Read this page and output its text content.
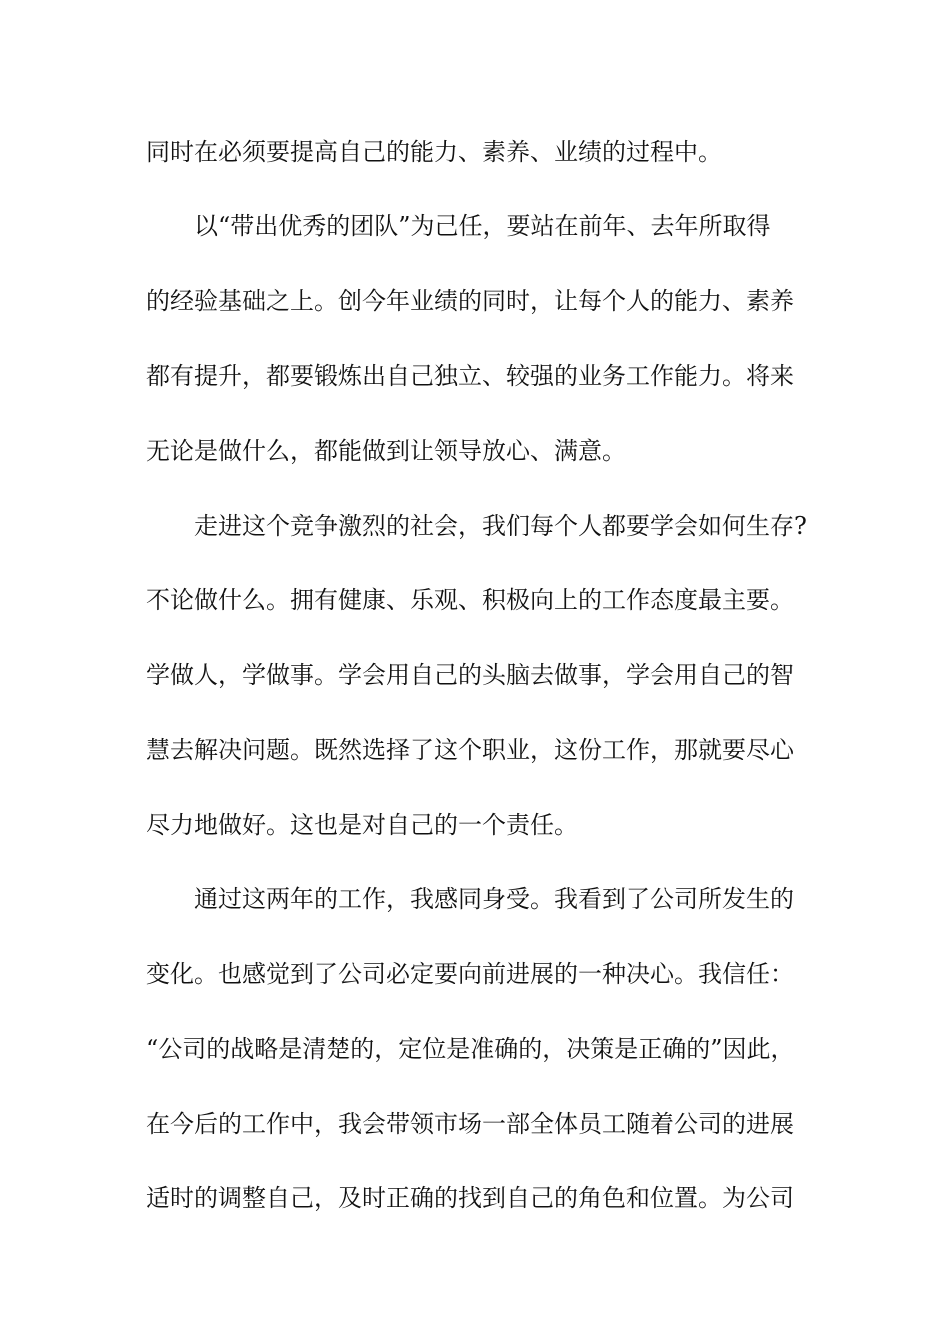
同时在必须要提高自己的能力、素养、业绩的过程中。
以“带出优秀的团队”为己任，要站在前年、去年所取得
的经验基础之上。创今年业绩的同时，让每个人的能力、素养
都有提升，都要锻炼出自己独立、较强的业务工作能力。将来
无论是做什么，都能做到让领导放心、满意。
走进这个竞争激烈的社会，我们每个人都要学会如何生存?
不论做什么。拥有健康、乐观、积极向上的工作态度最主要。
学做人，学做事。学会用自己的头脑去做事，学会用自己的智
慧去解决问题。既然选择了这个职业，这份工作，那就要尽心
尽力地做好。这也是对自己的一个责任。
通过这两年的工作，我感同身受。我看到了公司所发生的
变化。也感觉到了公司必定要向前进展的一种决心。我信任：
“公司的战略是清楚的，定位是准确的，决策是正确的”因此，
在今后的工作中，我会带领市场一部全体员工随着公司的进展
适时的调整自己，及时正确的找到自己的角色和位置。为公司
